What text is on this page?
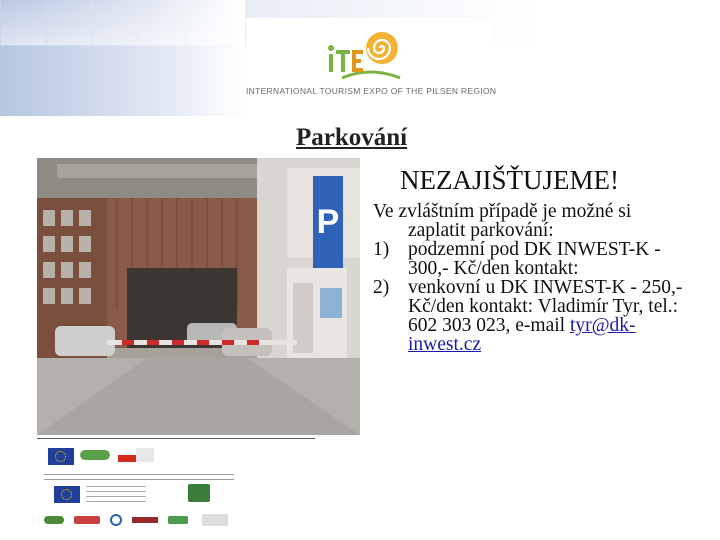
INTERNATIONAL TOURISM EXPO OF THE PILSEN REGION
Parkování
P
NEZAJIŠŤUJEME!

Ve zvláštním případě je možné si zaplatit parkování:

1) podzemní pod DK INWEST-K - 300,- Kč/den kontakt:
2) venkovní u DK INWEST-K - 250,- Kč/den kontakt: Vladimír Tyr, tel.: 602 303 023, e-mail tyr@dk-inwest.cz
